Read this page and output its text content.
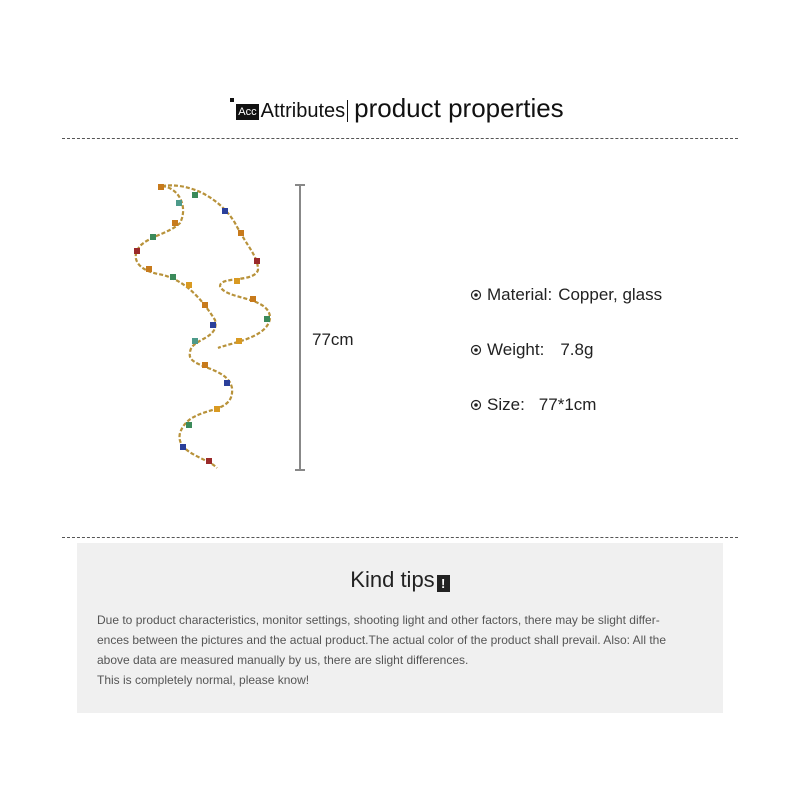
Acc Attributes product properties
77cm
Material: Copper, glass
Weight: 7.8g
Size: 77*1cm
Kind tips !

Due to product characteristics, monitor settings, shooting light and other factors, there may be slight differ-

ences between the pictures and the actual product.The actual color of the product shall prevail. Also: All the

above data are measured manually by us, there are slight differences.

This is completely normal, please know!
